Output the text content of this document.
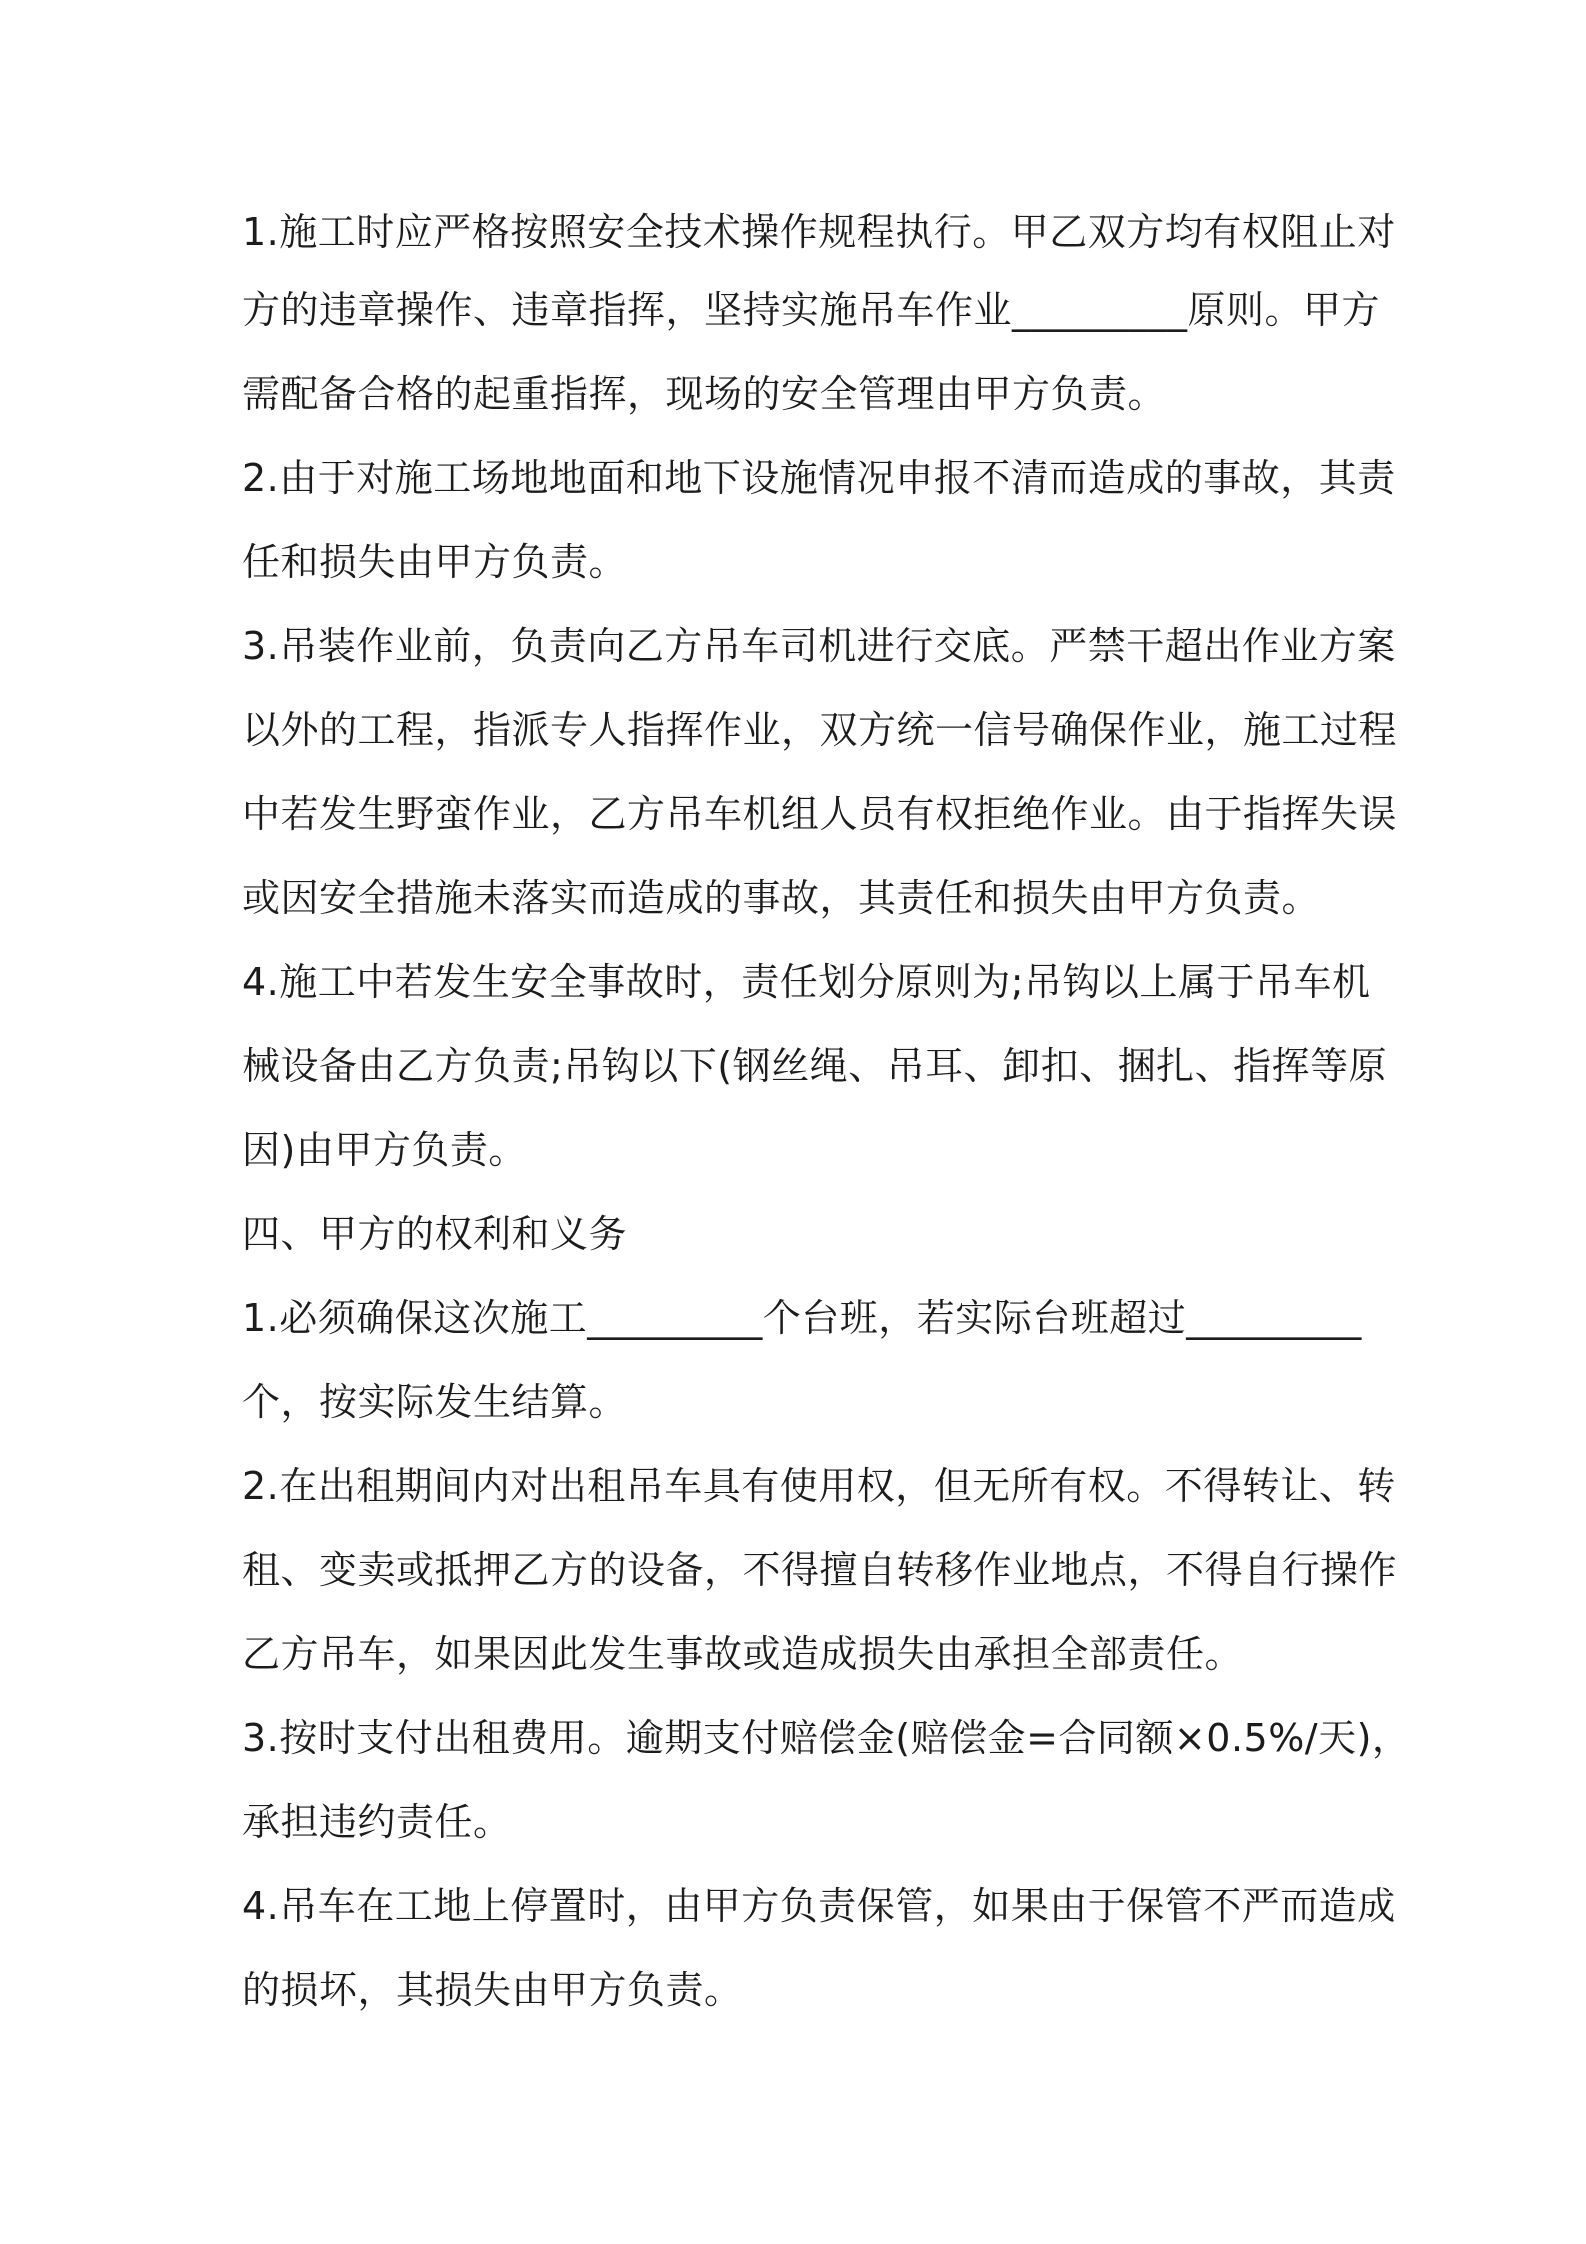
1.施工时应严格按照安全技术操作规程执行。甲乙双方均有权阻止对
方的违章操作、违章指挥，坚持实施吊车作业_________原则。甲方
需配备合格的起重指挥，现场的安全管理由甲方负责。
2.由于对施工场地地面和地下设施情况申报不清而造成的事故，其责
任和损失由甲方负责。
3.吊装作业前，负责向乙方吊车司机进行交底。严禁干超出作业方案
以外的工程，指派专人指挥作业，双方统一信号确保作业，施工过程
中若发生野蛮作业，乙方吊车机组人员有权拒绝作业。由于指挥失误
或因安全措施未落实而造成的事故，其责任和损失由甲方负责。
4.施工中若发生安全事故时，责任划分原则为;吊钩以上属于吊车机
械设备由乙方负责;吊钩以下(钢丝绳、吊耳、卸扣、捆扎、指挥等原
因)由甲方负责。
四、甲方的权利和义务
1.必须确保这次施工_________个台班，若实际台班超过_________
个，按实际发生结算。
2.在出租期间内对出租吊车具有使用权，但无所有权。不得转让、转
租、变卖或抵押乙方的设备，不得擅自转移作业地点，不得自行操作
乙方吊车，如果因此发生事故或造成损失由承担全部责任。
3.按时支付出租费用。逾期支付赔偿金(赔偿金=合同额×0.5%/天)，
承担违约责任。
4.吊车在工地上停置时，由甲方负责保管，如果由于保管不严而造成
的损坏，其损失由甲方负责。
